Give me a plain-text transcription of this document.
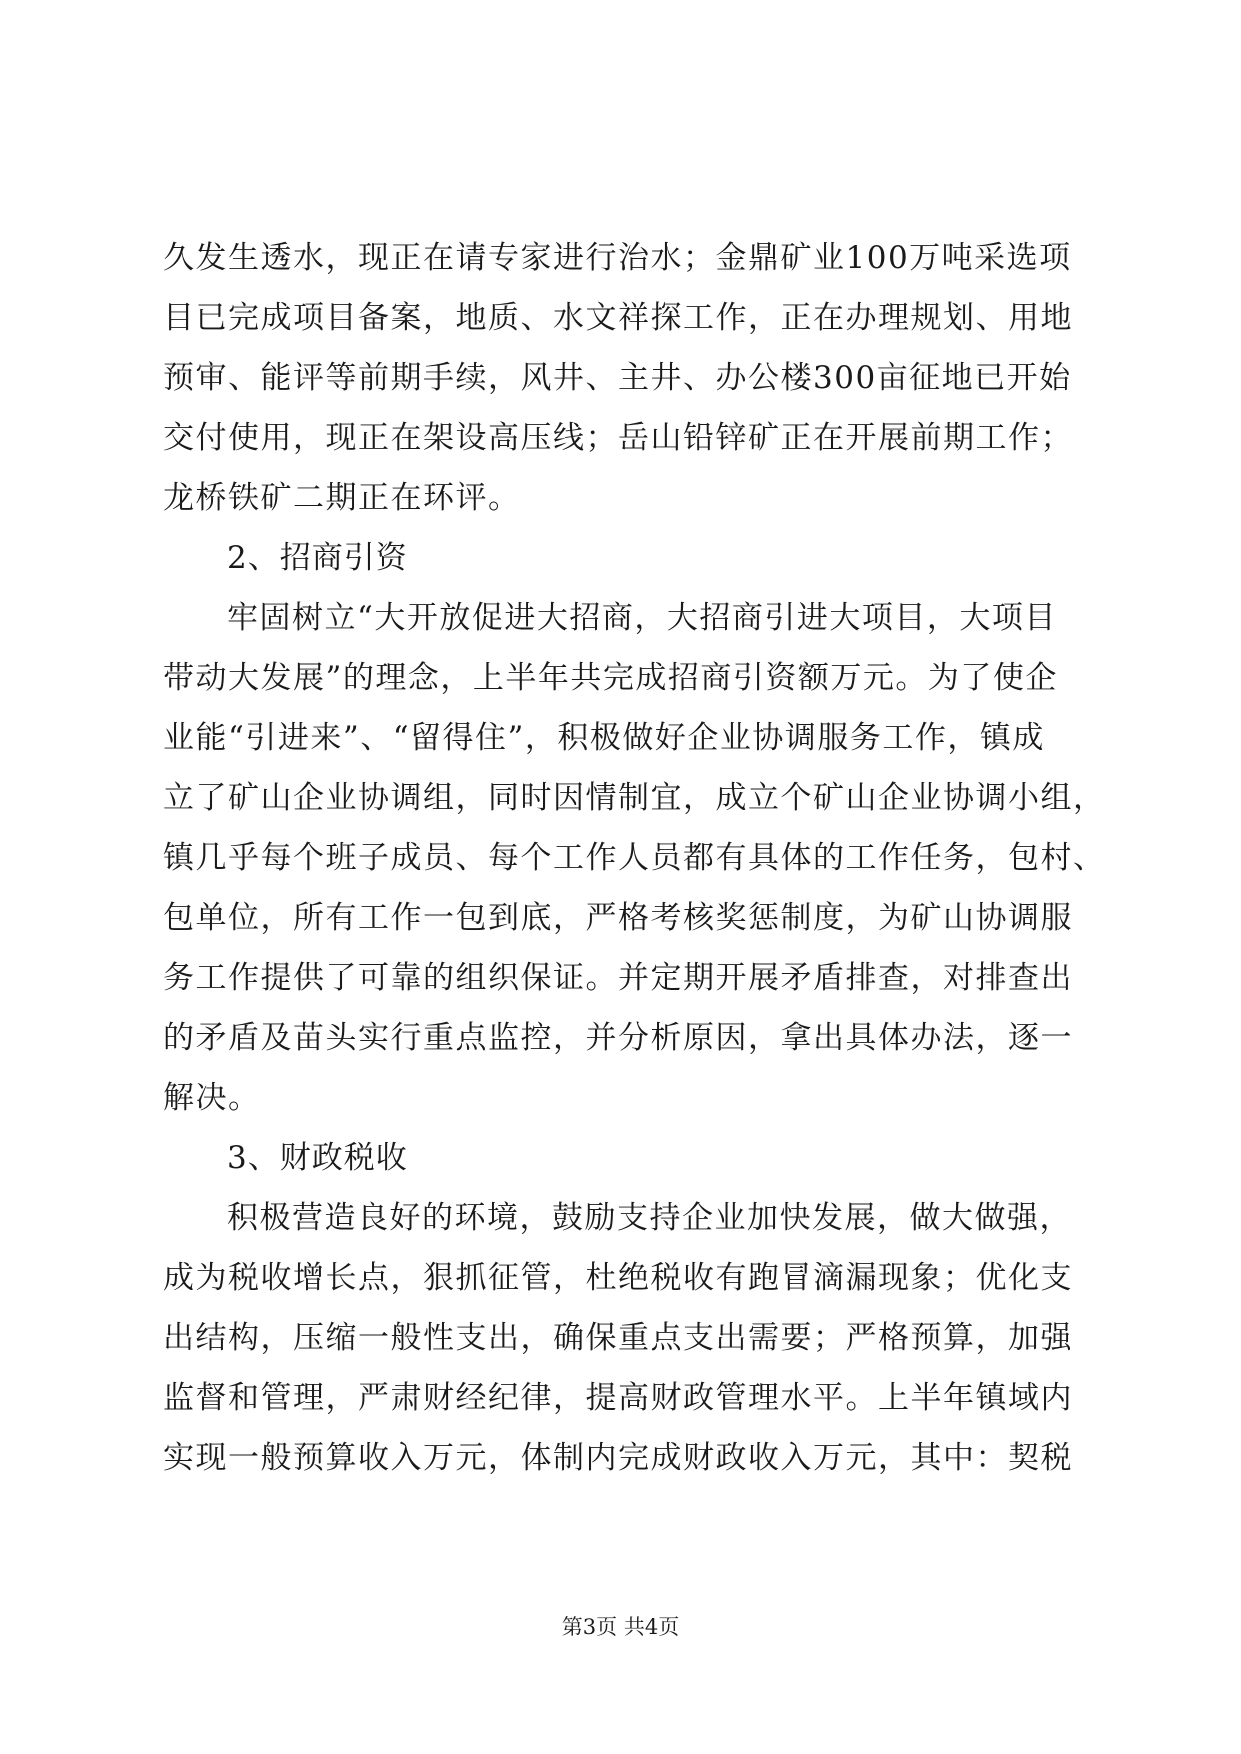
久发生透水，现正在请专家进行治水；金鼎矿业100万吨采选项
目已完成项目备案，地质、水文祥探工作，正在办理规划、用地
预审、能评等前期手续，风井、主井、办公楼300亩征地已开始
交付使用，现正在架设高压线；岳山铅锌矿正在开展前期工作；
龙桥铁矿二期正在环评。
2、招商引资
牢固树立“大开放促进大招商，大招商引进大项目，大项目
带动大发展”的理念，上半年共完成招商引资额万元。为了使企
业能“引进来”、“留得住”，积极做好企业协调服务工作，镇成
立了矿山企业协调组，同时因情制宜，成立个矿山企业协调小组，
镇几乎每个班子成员、每个工作人员都有具体的工作任务，包村、
包单位，所有工作一包到底，严格考核奖惩制度，为矿山协调服
务工作提供了可靠的组织保证。并定期开展矛盾排查，对排查出
的矛盾及苗头实行重点监控，并分析原因，拿出具体办法，逐一
解决。
3、财政税收
积极营造良好的环境，鼓励支持企业加快发展，做大做强，
成为税收增长点，狠抓征管，杜绝税收有跑冒滴漏现象；优化支
出结构，压缩一般性支出，确保重点支出需要；严格预算，加强
监督和管理，严肃财经纪律，提高财政管理水平。上半年镇域内
实现一般预算收入万元，体制内完成财政收入万元，其中：契税
第3页 共4页
